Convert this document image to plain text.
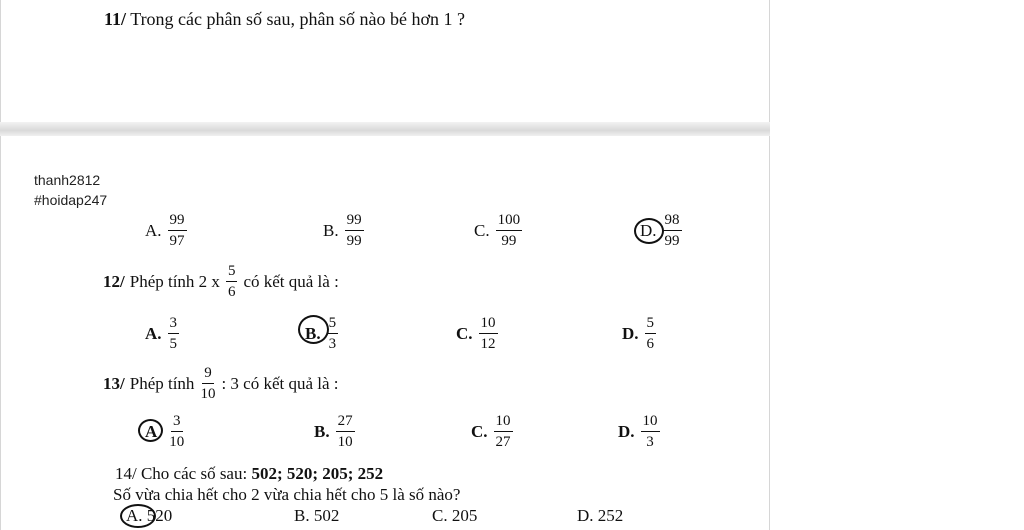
11/ Trong các phân số sau, phân số nào bé hơn 1 ?
thanh2812
#hoidap247
A. $\frac{99}{97}$	B. $\frac{99}{99}$	C. $\frac{100}{99}$	D. $\frac{98}{99}$
12/ Phép tính 2 x $\frac{5}{6}$ có kết quả là :
A. $\frac{3}{5}$	B. $\frac{5}{3}$	C. $\frac{10}{12}$	D. $\frac{5}{6}$
13/ Phép tính $\frac{9}{10}$ : 3 có kết quả là :
A $\frac{3}{10}$	B. $\frac{27}{10}$	C. $\frac{10}{27}$	D. $\frac{10}{3}$
14/ Cho các số sau: 502; 520; 205; 252
Số vừa chia hết cho 2 vừa chia hết cho 5 là số nào?
A. 520	B. 502	C. 205	D. 252
